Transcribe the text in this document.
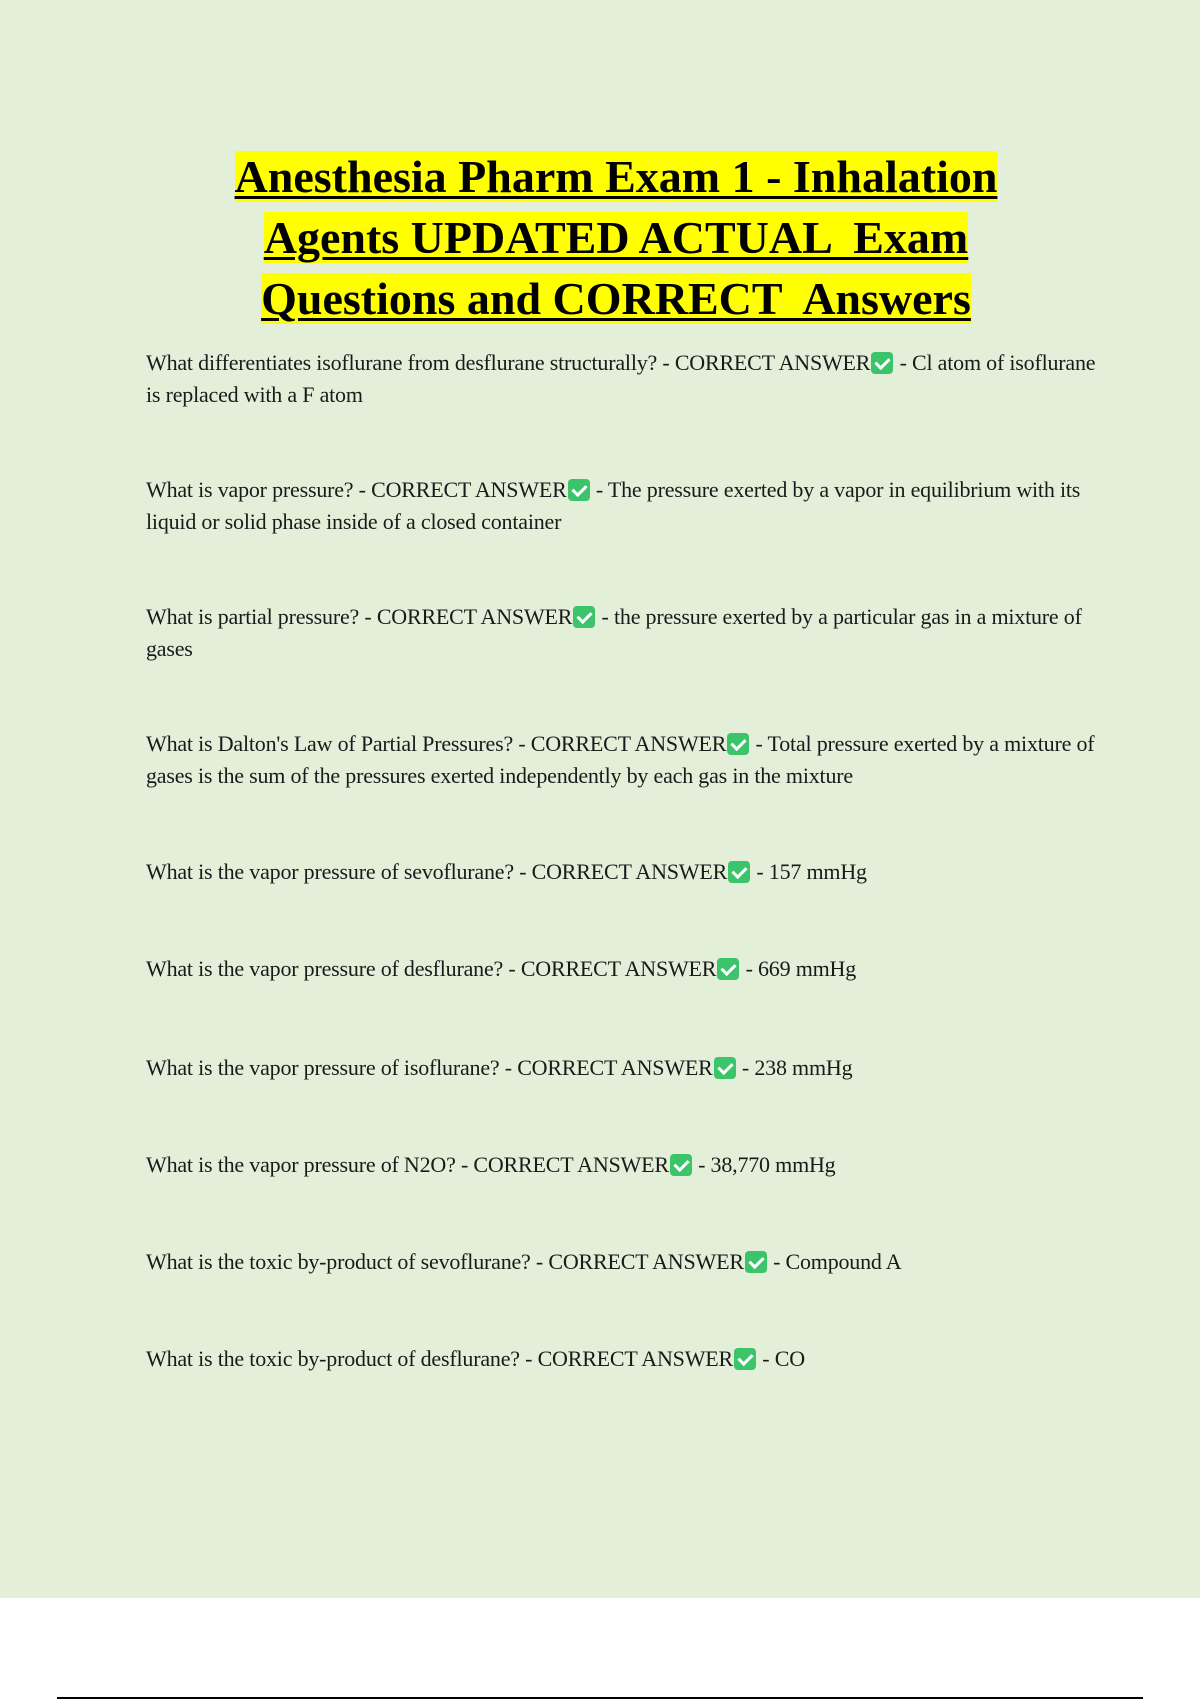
Anesthesia Pharm Exam 1 - Inhalation
Agents UPDATED ACTUAL  Exam
Questions and CORRECT  Answers
What differentiates isoflurane from desflurane structurally? - CORRECT ANSWER - Cl atom of isoflurane is replaced with a F atom
What is vapor pressure? - CORRECT ANSWER - The pressure exerted by a vapor in equilibrium with its liquid or solid phase inside of a closed container
What is partial pressure? - CORRECT ANSWER - the pressure exerted by a particular gas in a mixture of gases
What is Dalton's Law of Partial Pressures? - CORRECT ANSWER - Total pressure exerted by a mixture of gases is the sum of the pressures exerted independently by each gas in the mixture
What is the vapor pressure of sevoflurane? - CORRECT ANSWER - 157 mmHg
What is the vapor pressure of desflurane? - CORRECT ANSWER - 669 mmHg
What is the vapor pressure of isoflurane? - CORRECT ANSWER - 238 mmHg
What is the vapor pressure of N2O? - CORRECT ANSWER - 38,770 mmHg
What is the toxic by-product of sevoflurane? - CORRECT ANSWER - Compound A
What is the toxic by-product of desflurane? - CORRECT ANSWER - CO
